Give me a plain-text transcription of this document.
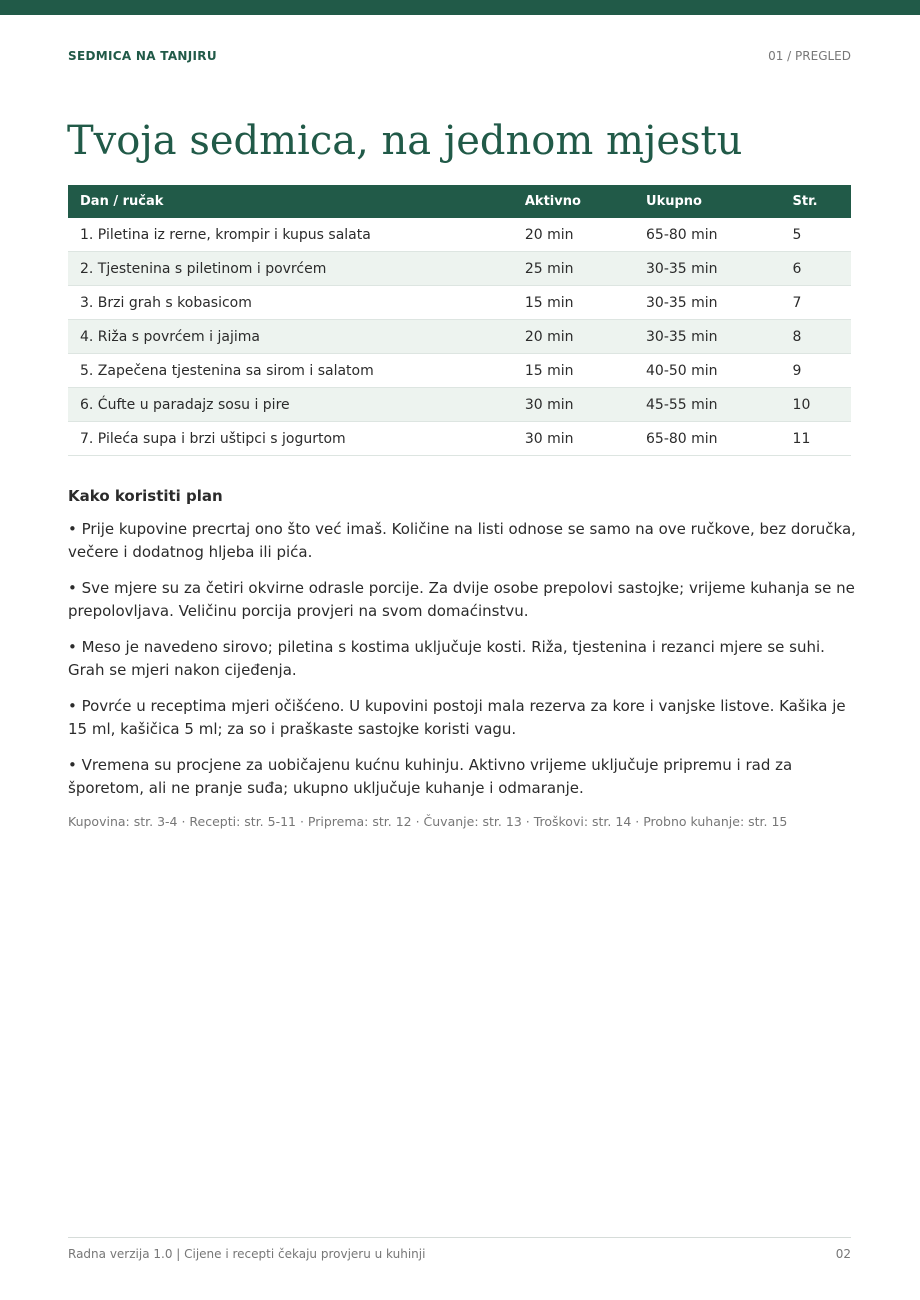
SEDMICA NA TANJIRU	01 / PREGLED
Tvoja sedmica, na jednom mjestu
Dan / ručak	Aktivno	Ukupno	Str.
1. Piletina iz rerne, krompir i kupus salata	20 min	65-80 min	5
2. Tjestenina s piletinom i povrćem	25 min	30-35 min	6
3. Brzi grah s kobasicom	15 min	30-35 min	7
4. Riža s povrćem i jajima	20 min	30-35 min	8
5. Zapečena tjestenina sa sirom i salatom	15 min	40-50 min	9
6. Ćufte u paradajz sosu i pire	30 min	45-55 min	10
7. Pileća supa i brzi uštipci s jogurtom	30 min	65-80 min	11
Kako koristiti plan
• Prije kupovine precrtaj ono što već imaš. Količine na listi odnose se samo na ove ručkove, bez doručka, večere i dodatnog hljeba ili pića.
• Sve mjere su za četiri okvirne odrasle porcije. Za dvije osobe prepolovi sastojke; vrijeme kuhanja se ne prepolovljava. Veličinu porcija provjeri na svom domaćinstvu.
• Meso je navedeno sirovo; piletina s kostima uključuje kosti. Riža, tjestenina i rezanci mjere se suhi. Grah se mjeri nakon cijeđenja.
• Povrće u receptima mjeri očišćeno. U kupovini postoji mala rezerva za kore i vanjske listove. Kašika je 15 ml, kašičica 5 ml; za so i praškaste sastojke koristi vagu.
• Vremena su procjene za uobičajenu kućnu kuhinju. Aktivno vrijeme uključuje pripremu i rad za šporetom, ali ne pranje suđa; ukupno uključuje kuhanje i odmaranje.
Kupovina: str. 3-4 · Recepti: str. 5-11 · Priprema: str. 12 · Čuvanje: str. 13 · Troškovi: str. 14 · Probno kuhanje: str. 15
Radna verzija 1.0 | Cijene i recepti čekaju provjeru u kuhinji	02
